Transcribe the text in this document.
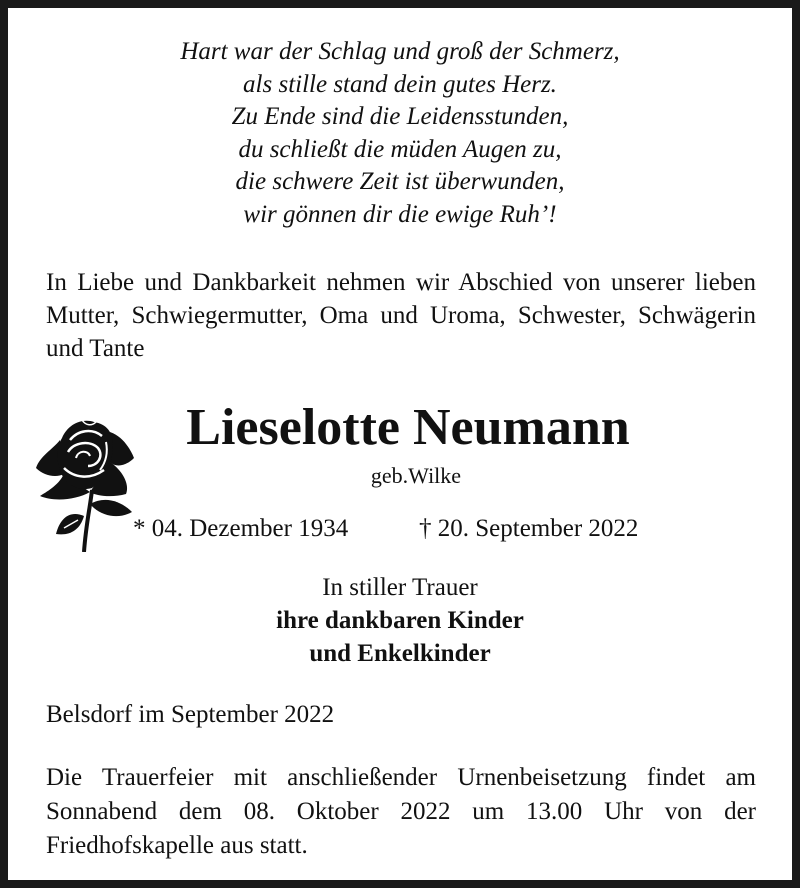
Hart war der Schlag und groß der Schmerz,
als stille stand dein gutes Herz.
Zu Ende sind die Leidensstunden,
du schließt die müden Augen zu,
die schwere Zeit ist überwunden,
wir gönnen dir die ewige Ruh’!
In Liebe und Dankbarkeit nehmen wir Abschied von unserer lieben Mutter, Schwiegermutter, Oma und Uroma, Schwester, Schwägerin und Tante
Lieselotte Neumann
geb.Wilke
* 04. Dezember 1934	† 20. September 2022
In stiller Trauer
ihre dankbaren Kinder
und Enkelkinder
Belsdorf im September 2022
Die Trauerfeier mit anschließender Urnenbeisetzung findet am Sonnabend dem 08. Oktober 2022 um 13.00 Uhr von der Friedhofskapelle aus statt.
